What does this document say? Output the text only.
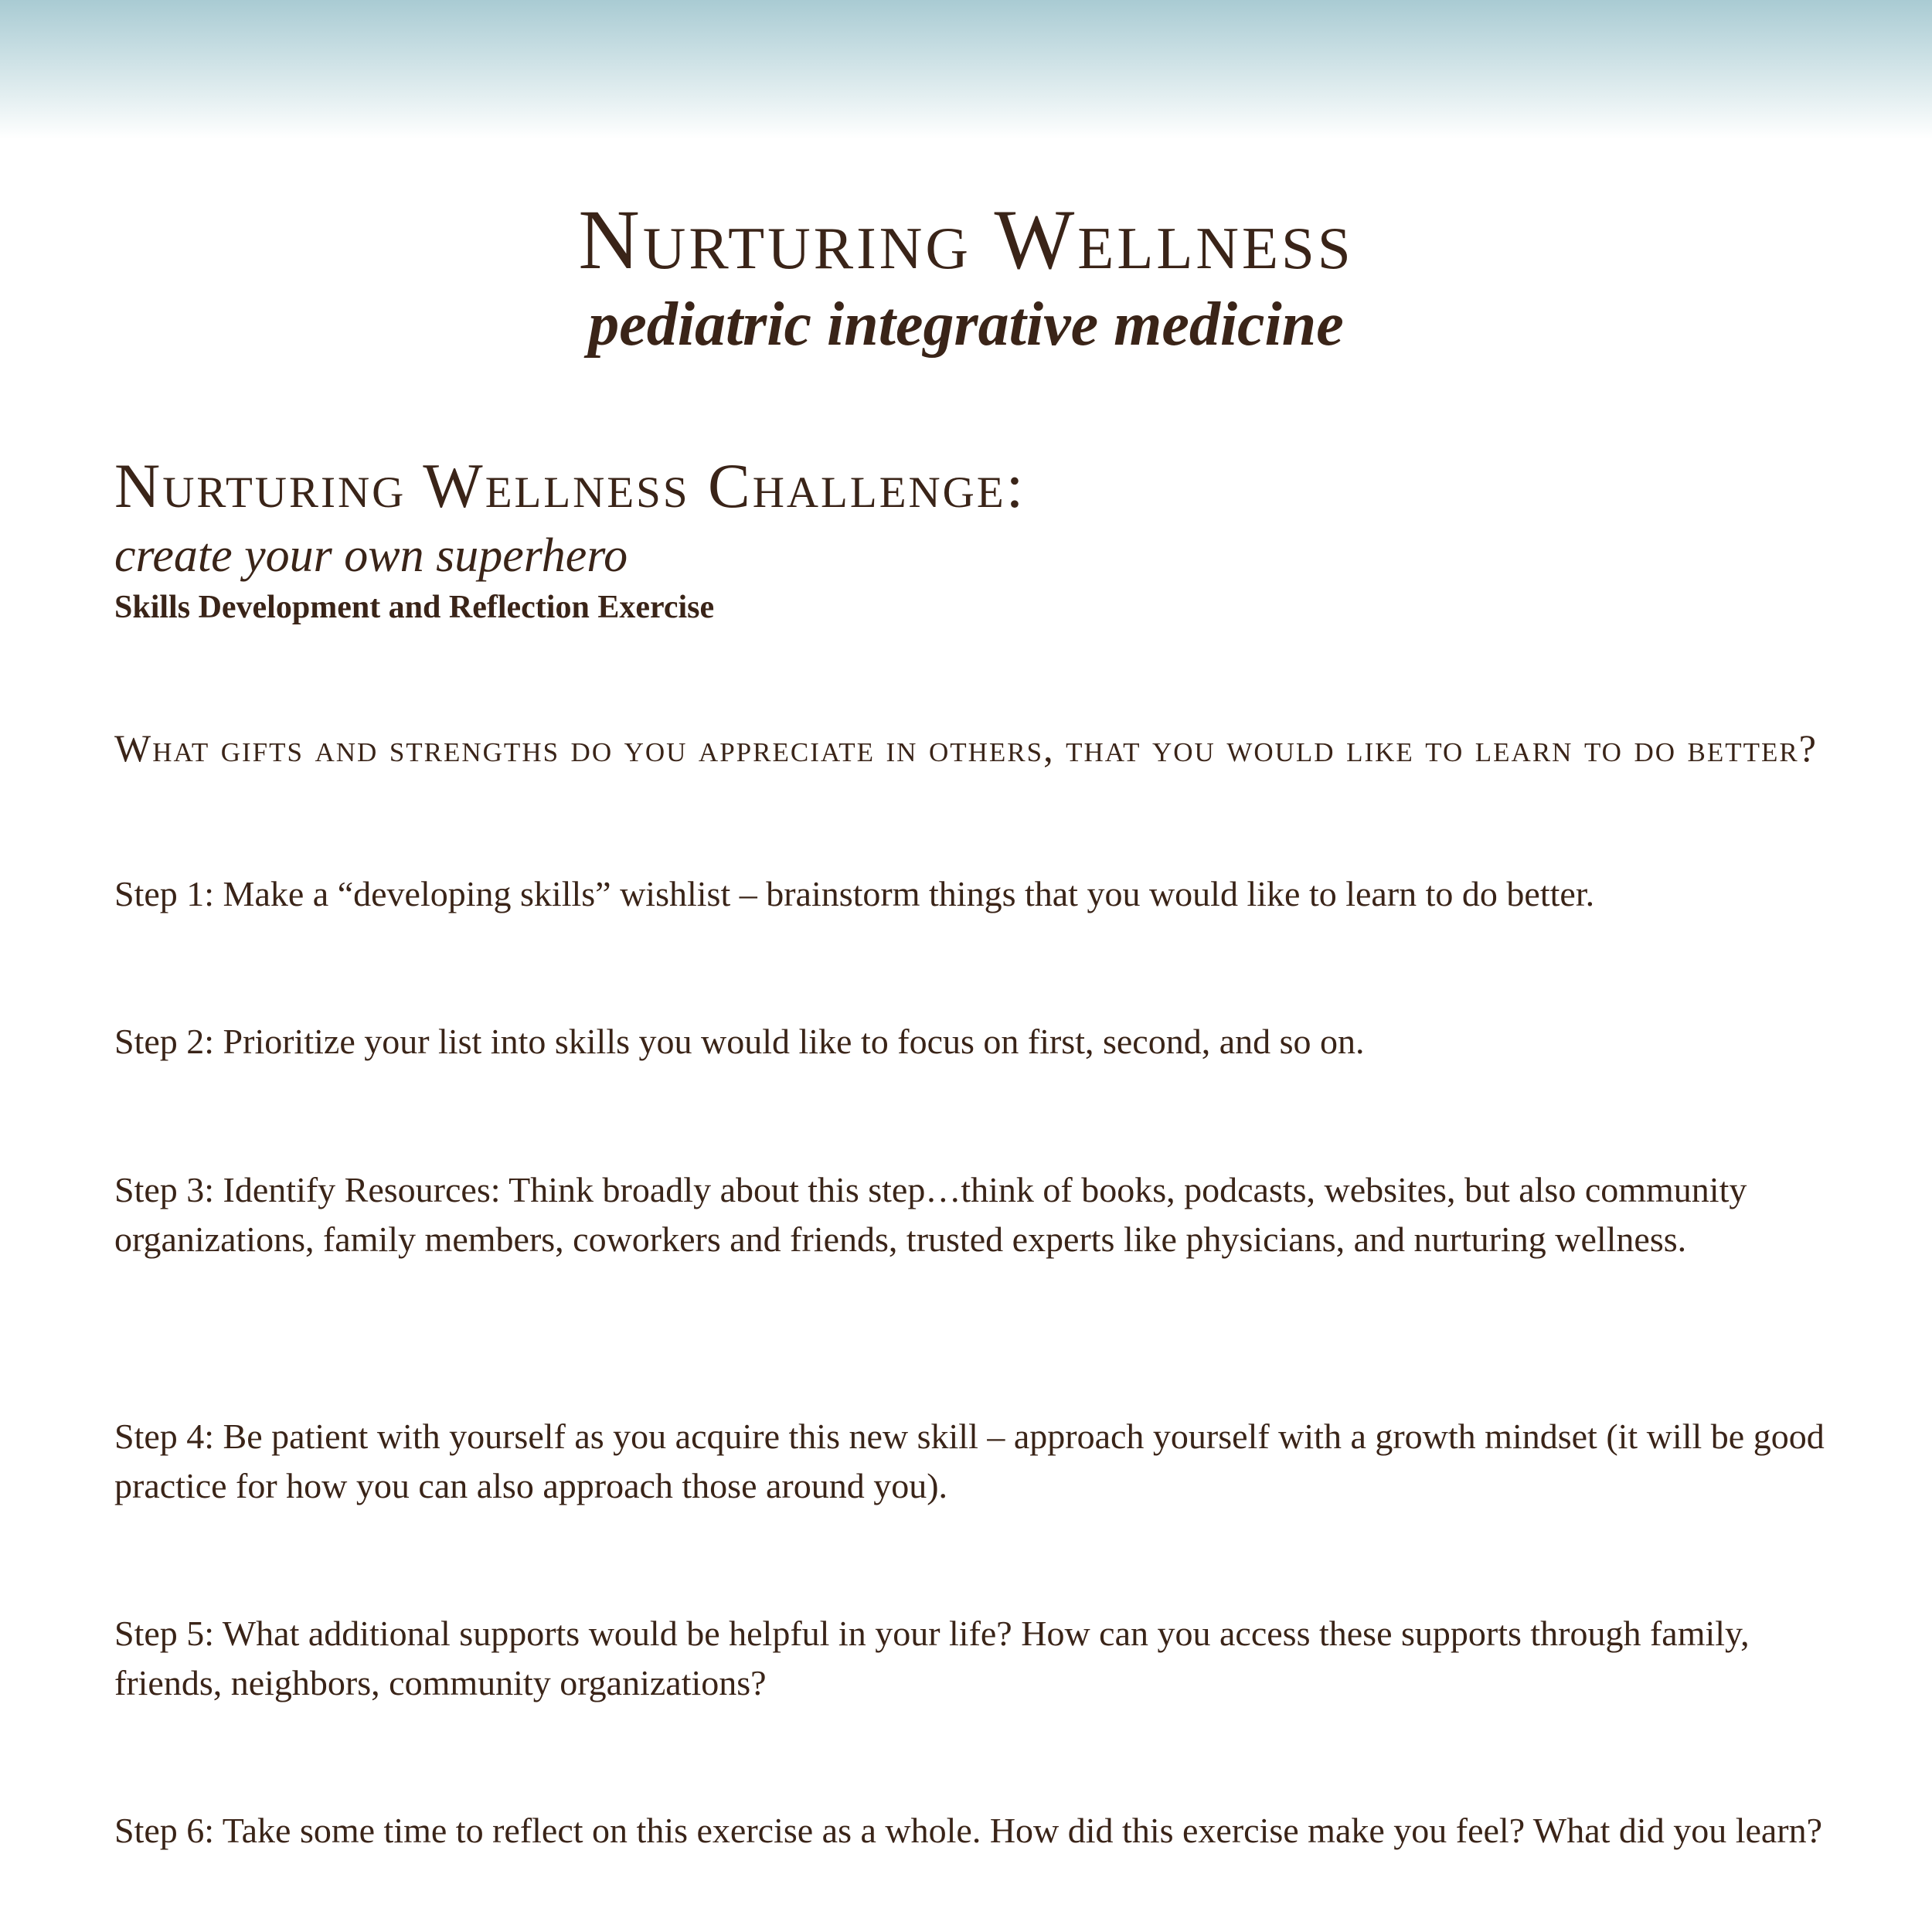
Nurturing Wellness
pediatric integrative medicine
Nurturing Wellness Challenge:
create your own superhero
Skills Development and Reflection Exercise
What gifts and strengths do you appreciate in others, that you would like to learn to do better?
Step 1: Make a “developing skills” wishlist – brainstorm things that you would like to learn to do better.
Step 2: Prioritize your list into skills you would like to focus on first, second, and so on.
Step 3: Identify Resources: Think broadly about this step…think of books, podcasts, websites, but also community organizations, family members, coworkers and friends, trusted experts like physicians, and nurturing wellness.
Step 4: Be patient with yourself as you acquire this new skill – approach yourself with a growth mindset (it will be good practice for how you can also approach those around you).
Step 5: What additional supports would be helpful in your life? How can you access these supports through family, friends, neighbors, community organizations?
Step 6: Take some time to reflect on this exercise as a whole. How did this exercise make you feel? What did you learn?
